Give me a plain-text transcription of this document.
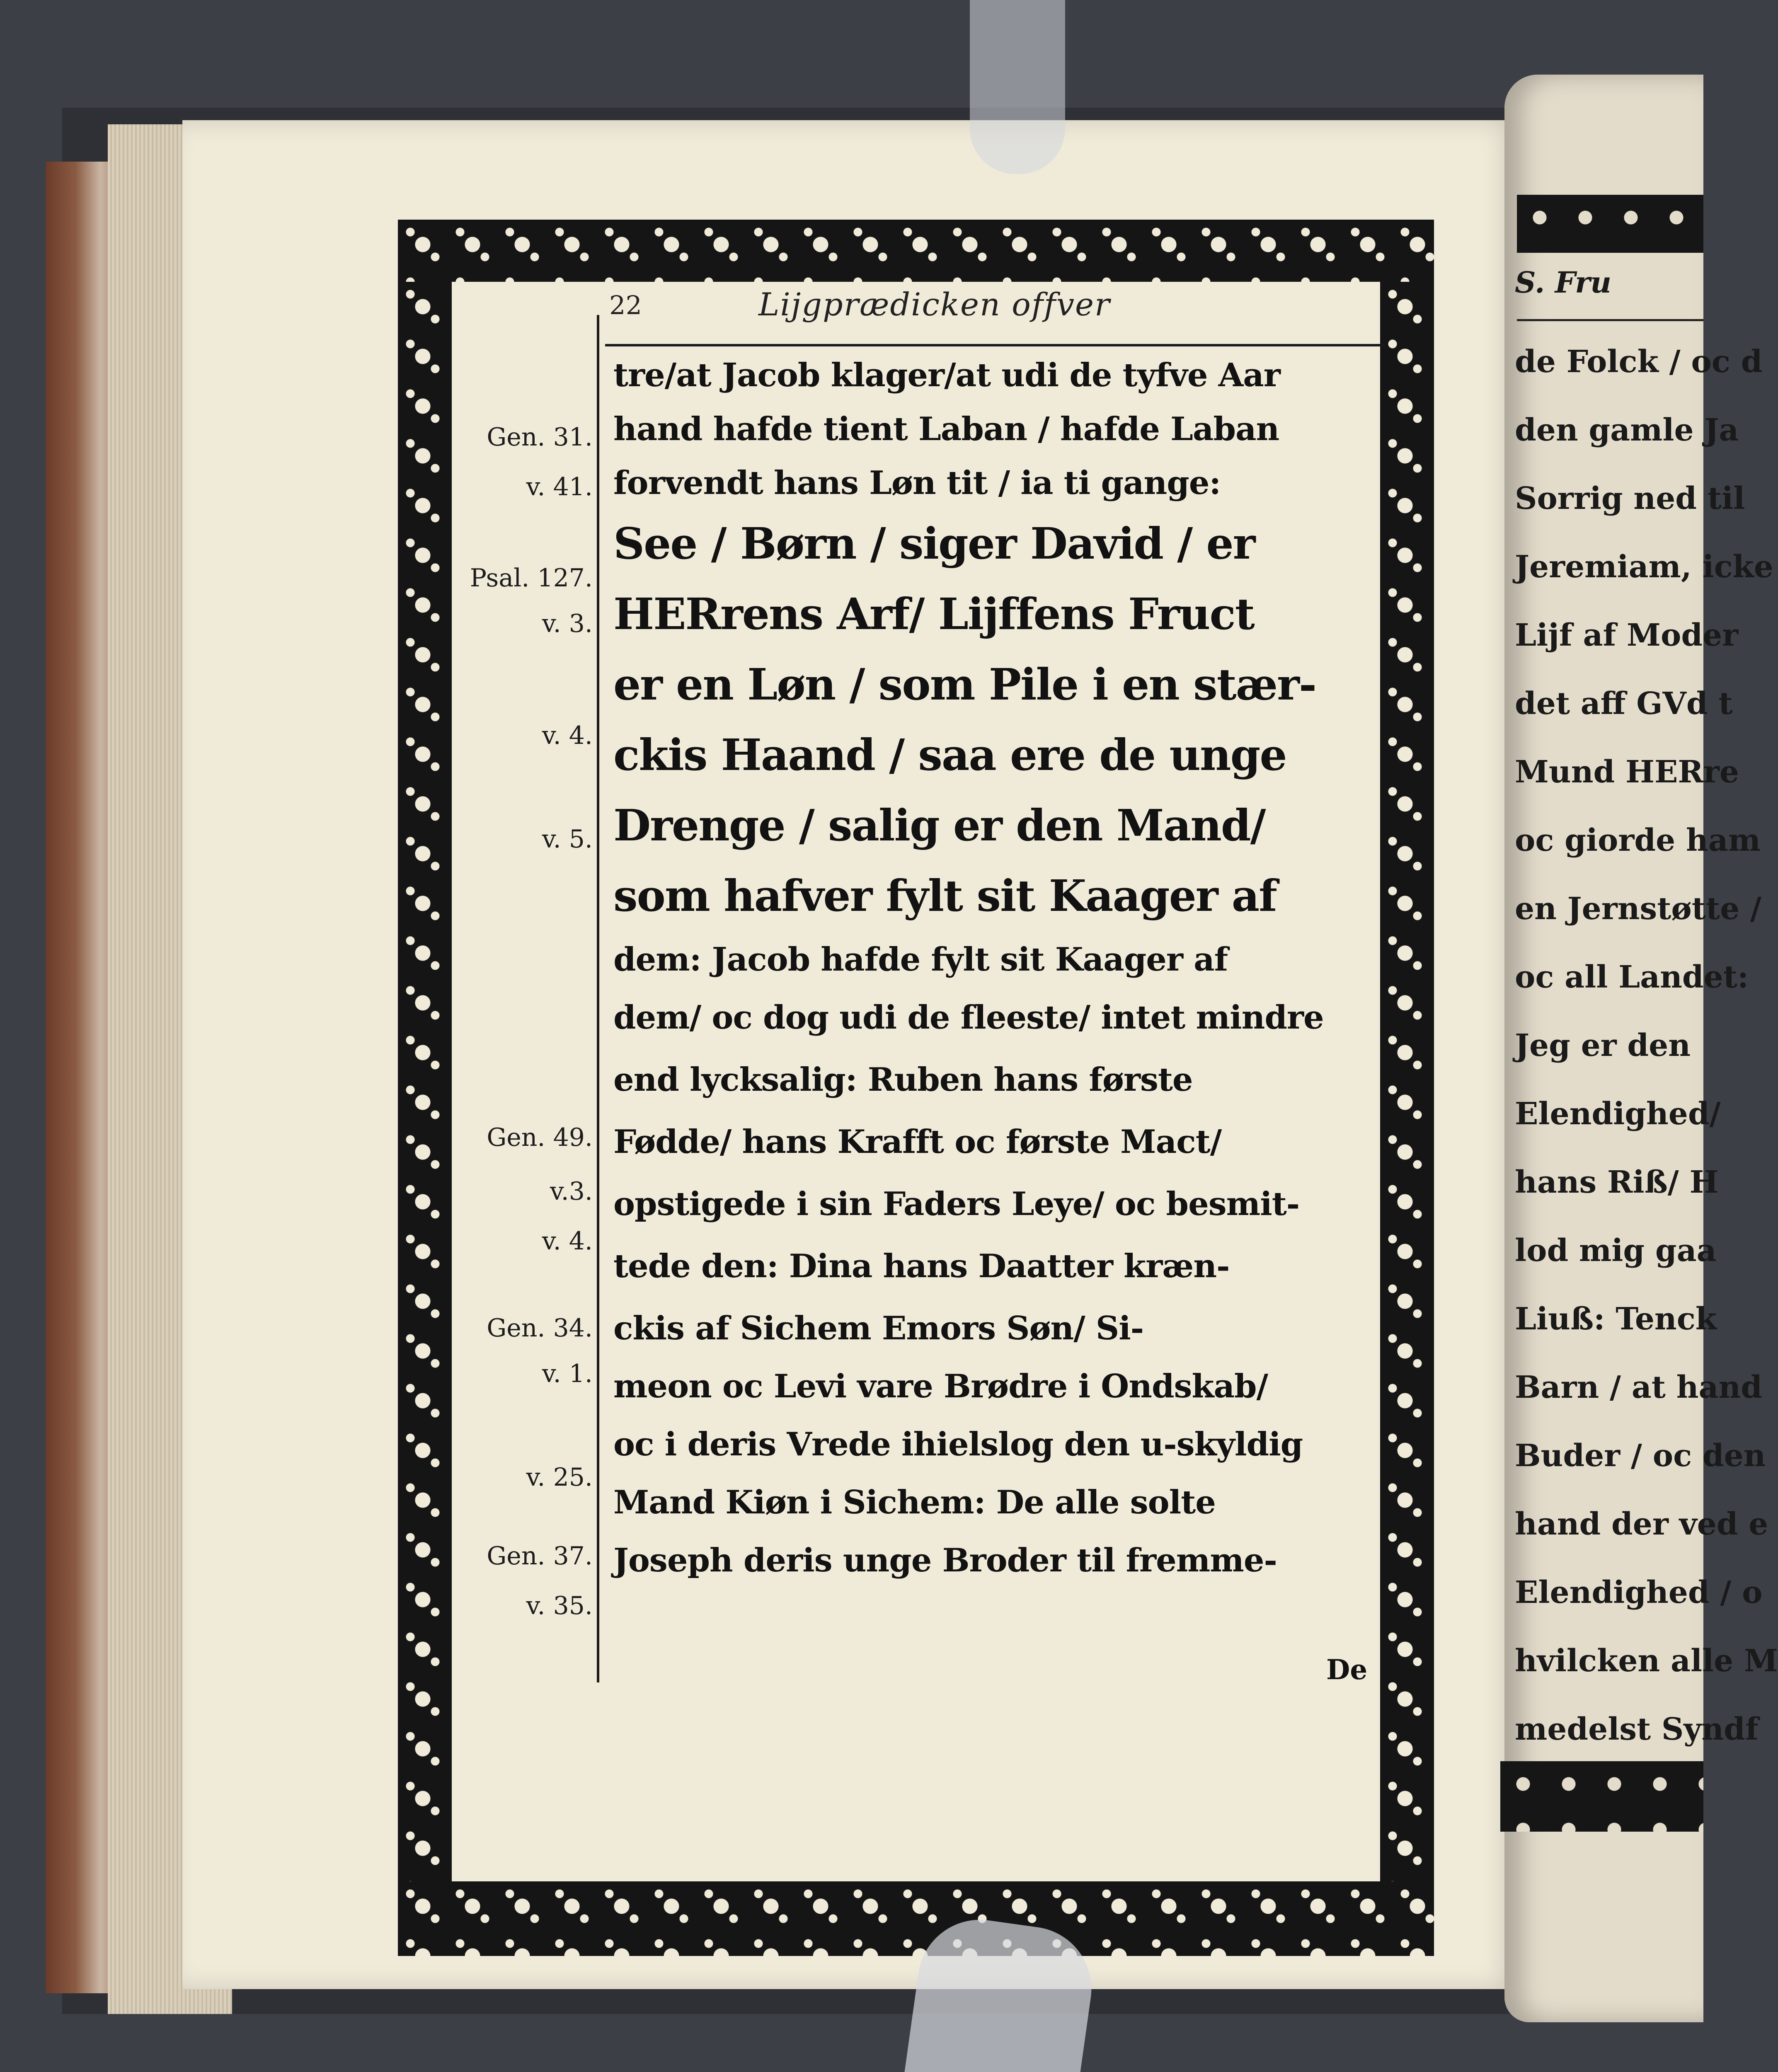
S. Fru
de Folck / oc d
den gamle Ja
Sorrig ned til
Jeremiam, icke
Lijf af Moder
det aff GVd t
Mund HERre
oc giorde ham
en Jernstøtte /
oc all Landet:
Jeg er den
Elendighed/
hans Riß/ H
lod mig gaa
Liuß: Tenck
Barn / at hand
Buder / oc den
hand der ved e
Elendighed / o
hvilcken alle M
medelst Syndf
22	Lijgprædicken offver
Gen. 31.
v. 41.
Psal. 127.
v. 3.
v. 4.
v. 5.
Gen. 49.
v.3.
v. 4.
Gen. 34.
v. 1.
v. 25.
Gen. 37.
v. 35.
tre/at Jacob klager/at udi de tyfve Aar
hand hafde tient Laban / hafde Laban
forvendt hans Løn tit / ia ti gange:
See / Børn / siger David / er
HERrens Arf/ Lijffens Fruct
er en Løn / som Pile i en stær-
ckis Haand / saa ere de unge
Drenge / salig er den Mand/
som hafver fylt sit Kaager af
dem: Jacob hafde fylt sit Kaager af
dem/ oc dog udi de fleeste/ intet mindre
end lycksalig: Ruben hans første
Fødde/ hans Krafft oc første Mact/
opstigede i sin Faders Leye/ oc besmit-
tede den: Dina hans Daatter kræn-
ckis af Sichem Emors Søn/ Si-
meon oc Levi vare Brødre i Ondskab/
oc i deris Vrede ihielslog den u-skyldig
Mand Kiøn i Sichem: De alle solte
Joseph deris unge Broder til fremme-
De
